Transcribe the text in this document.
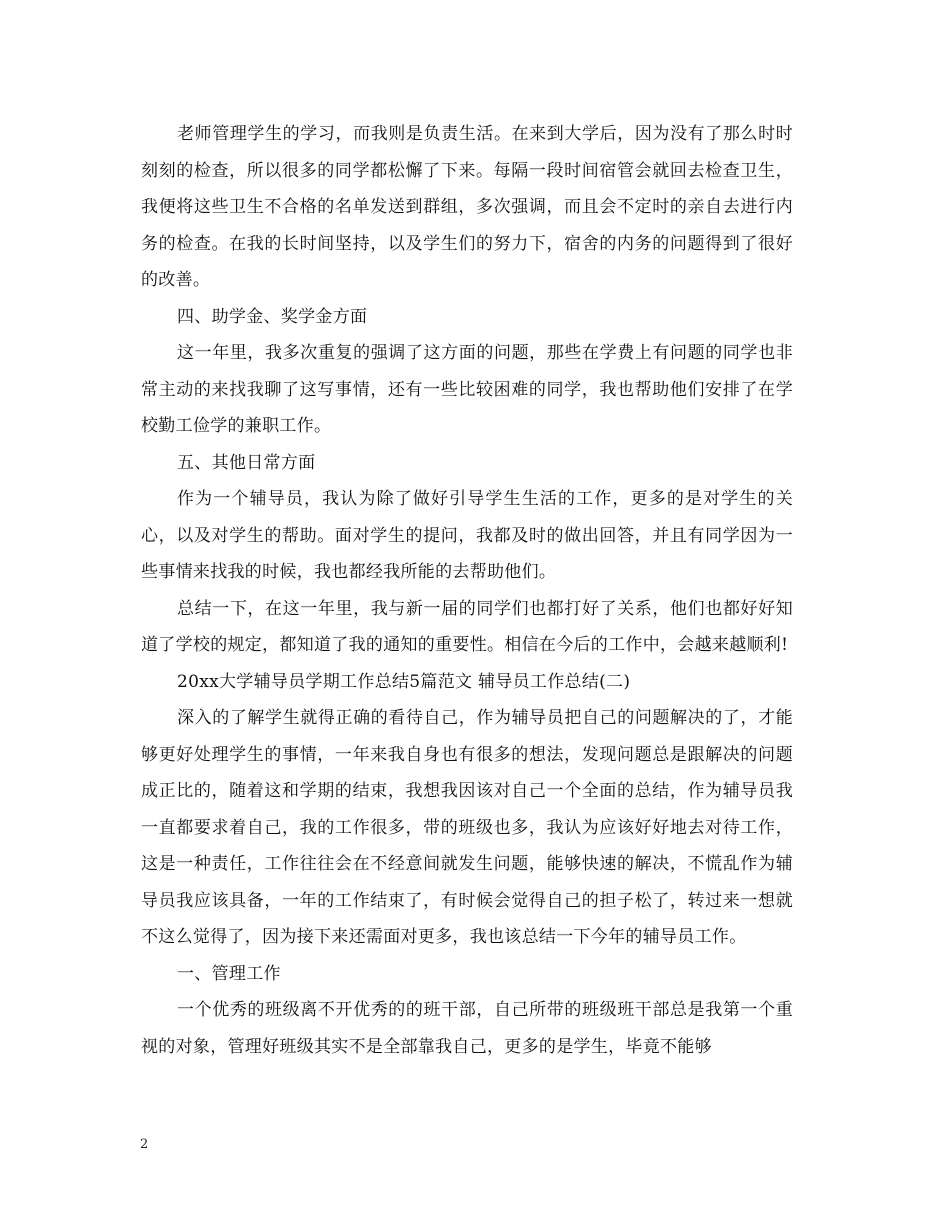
老师管理学生的学习，而我则是负责生活。在来到大学后，因为没有了那么时时刻刻的检查，所以很多的同学都松懈了下来。每隔一段时间宿管会就回去检查卫生，我便将这些卫生不合格的名单发送到群组，多次强调，而且会不定时的亲自去进行内务的检查。在我的长时间坚持，以及学生们的努力下，宿舍的内务的问题得到了很好的改善。

四、助学金、奖学金方面

这一年里，我多次重复的强调了这方面的问题，那些在学费上有问题的同学也非常主动的来找我聊了这写事情，还有一些比较困难的同学，我也帮助他们安排了在学校勤工俭学的兼职工作。

五、其他日常方面

作为一个辅导员，我认为除了做好引导学生生活的工作，更多的是对学生的关心，以及对学生的帮助。面对学生的提问，我都及时的做出回答，并且有同学因为一些事情来找我的时候，我也都经我所能的去帮助他们。

总结一下，在这一年里，我与新一届的同学们也都打好了关系，他们也都好好知道了学校的规定，都知道了我的通知的重要性。相信在今后的工作中，会越来越顺利!

20xx大学辅导员学期工作总结5篇范文 辅导员工作总结(二)

深入的了解学生就得正确的看待自己，作为辅导员把自己的问题解决的了，才能够更好处理学生的事情，一年来我自身也有很多的想法，发现问题总是跟解决的问题成正比的，随着这和学期的结束，我想我因该对自己一个全面的总结，作为辅导员我一直都要求着自己，我的工作很多，带的班级也多，我认为应该好好地去对待工作，这是一种责任，工作往往会在不经意间就发生问题，能够快速的解决，不慌乱作为辅导员我应该具备，一年的工作结束了，有时候会觉得自己的担子松了，转过来一想就不这么觉得了，因为接下来还需面对更多，我也该总结一下今年的辅导员工作。

一、管理工作

一个优秀的班级离不开优秀的的班干部，自己所带的班级班干部总是我第一个重视的对象，管理好班级其实不是全部靠我自己，更多的是学生，毕竟不能够

2
